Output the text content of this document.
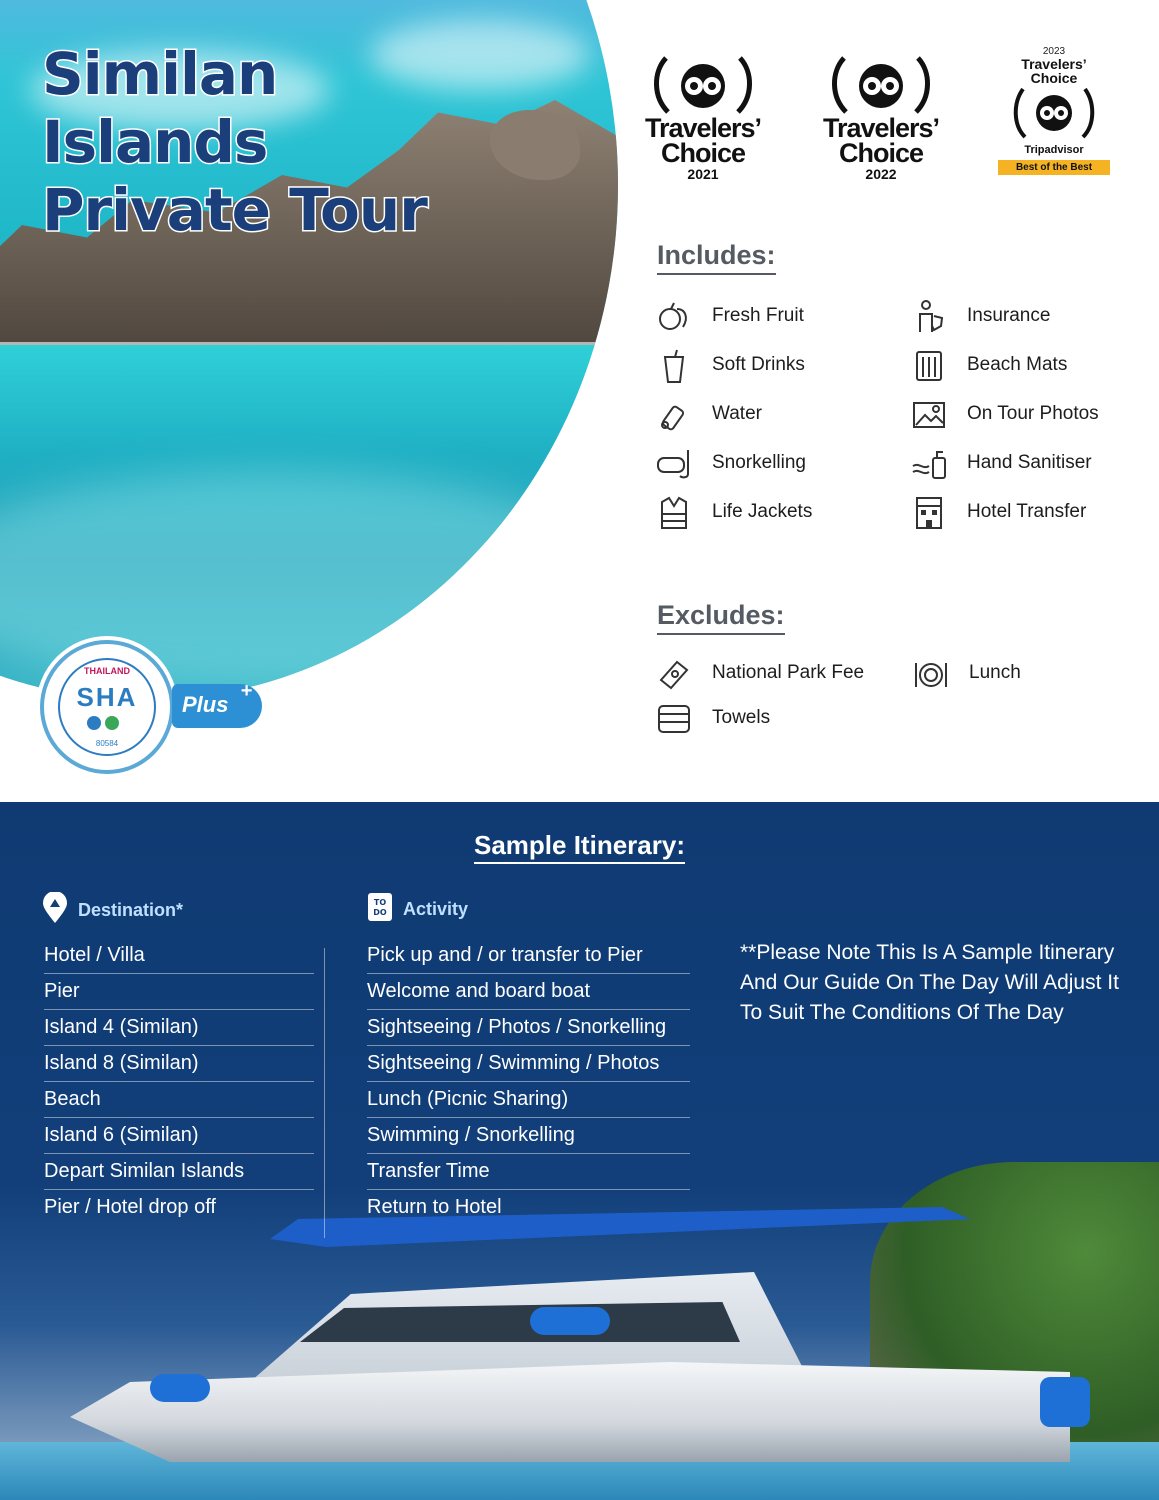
Similan
Islands
Private Tour
THAILAND
SHA
80584
Plus
+
Travelers’
Choice
2021
Travelers’
Choice
2022
2023
Travelers’
Choice
Tripadvisor
Best of the Best
Includes:
Fresh Fruit
Soft Drinks
Water
Snorkelling
Life Jackets
Insurance
Beach Mats
On Tour Photos
Hand Sanitiser
Hotel Transfer
Excludes:
National Park Fee
Towels
Lunch
Sample Itinerary:
Destination*	TO
DO Activity
Hotel / Villa	Pick up and / or transfer to Pier
Pier	Welcome and board boat
Island 4 (Similan)	Sightseeing / Photos / Snorkelling
Island 8 (Similan)	Sightseeing / Swimming / Photos
Beach	Lunch (Picnic Sharing)
Island 6 (Similan)	Swimming / Snorkelling
Depart Similan Islands	Transfer Time
Pier / Hotel drop off	Return to Hotel
**Please Note This Is A Sample Itinerary And Our Guide On The Day Will Adjust It To Suit The Conditions Of The Day
